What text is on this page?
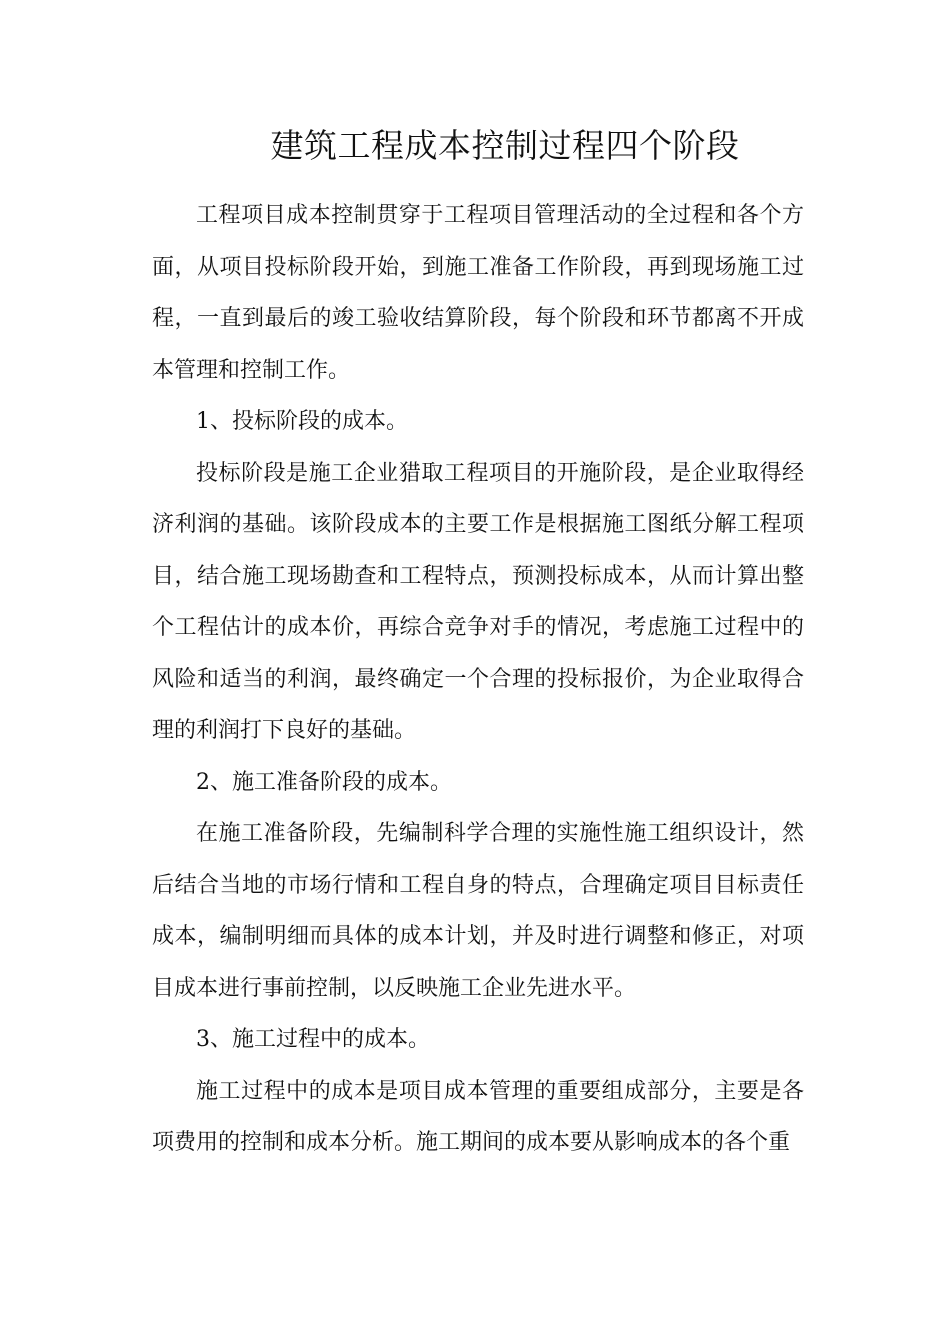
建筑工程成本控制过程四个阶段

工程项目成本控制贯穿于工程项目管理活动的全过程和各个方面，从项目投标阶段开始，到施工准备工作阶段，再到现场施工过程，一直到最后的竣工验收结算阶段，每个阶段和环节都离不开成本管理和控制工作。

1、投标阶段的成本。

投标阶段是施工企业猎取工程项目的开施阶段，是企业取得经济利润的基础。该阶段成本的主要工作是根据施工图纸分解工程项目，结合施工现场勘查和工程特点，预测投标成本，从而计算出整个工程估计的成本价，再综合竞争对手的情况，考虑施工过程中的风险和适当的利润，最终确定一个合理的投标报价，为企业取得合理的利润打下良好的基础。

2、施工准备阶段的成本。

在施工准备阶段，先编制科学合理的实施性施工组织设计，然后结合当地的市场行情和工程自身的特点，合理确定项目目标责任成本，编制明细而具体的成本计划，并及时进行调整和修正，对项目成本进行事前控制，以反映施工企业先进水平。

3、施工过程中的成本。

施工过程中的成本是项目成本管理的重要组成部分，主要是各项费用的控制和成本分析。施工期间的成本要从影响成本的各个重
